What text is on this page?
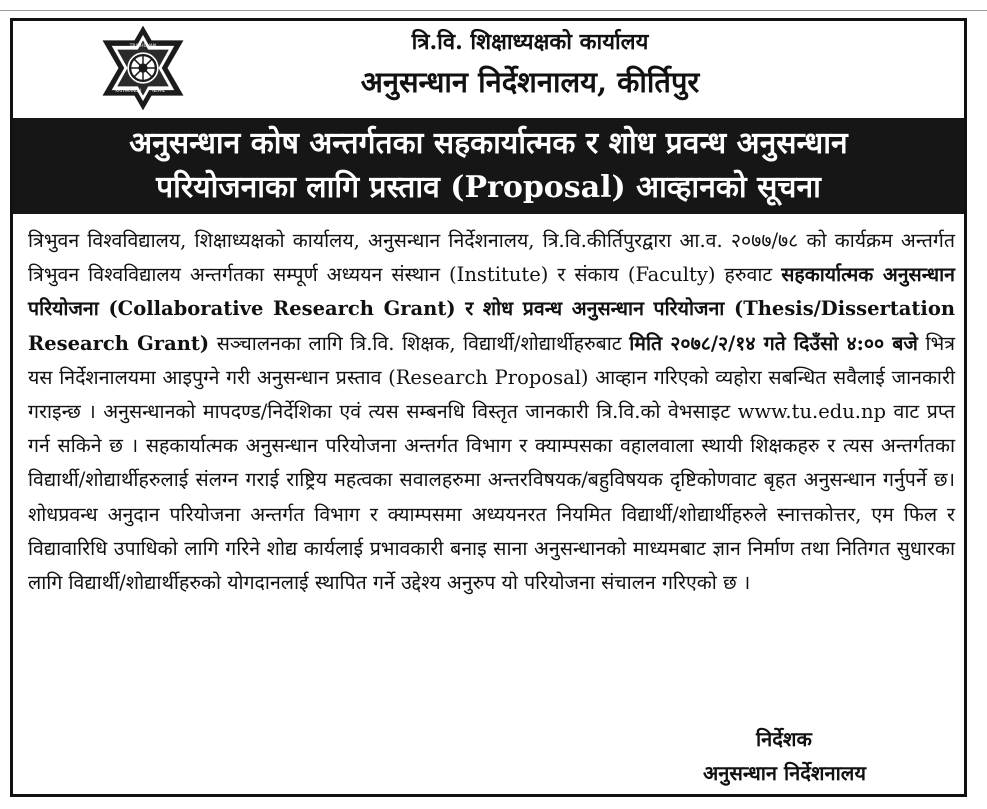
TRIBHUVAN
KATHMANDU	NEPAL
त्रि.वि. शिक्षाध्यक्षको कार्यालय
अनुसन्धान निर्देशनालय, कीर्तिपुर
अनुसन्धान कोष अन्तर्गतका सहकार्यात्मक र शोध प्रवन्ध अनुसन्धान
परियोजनाका लागि प्रस्ताव (Proposal) आव्हानको सूचना
त्रिभुवन विश्वविद्यालय, शिक्षाध्यक्षको कार्यालय, अनुसन्धान निर्देशनालय, त्रि.वि.कीर्तिपुरद्वारा आ.व. २०७७/७८ को कार्यक्रम अन्तर्गत त्रिभुवन विश्वविद्यालय अन्तर्गतका सम्पूर्ण अध्ययन संस्थान (Institute) र संकाय (Faculty) हरुवाट सहकार्यात्मक अनुसन्धान परियोजना (Collaborative Research Grant) र शोध प्रवन्ध अनुसन्धान परियोजना (Thesis/Dissertation Research Grant) सञ्चालनका लागि त्रि.वि. शिक्षक, विद्यार्थी/शोद्यार्थीहरुबाट मिति २०७८/२/१४ गते दिउँसो ४:०० बजे भित्र यस निर्देशनालयमा आइपुग्ने गरी अनुसन्धान प्रस्ताव (Research Proposal) आव्हान गरिएको व्यहोरा सबन्धित सवैलाई जानकारी गराइन्छ । अनुसन्धानको मापदण्ड/निर्देशिका एवं त्यस सम्बनधि विस्तृत जानकारी त्रि.वि.को वेभसाइट www.tu.edu.np वाट प्रप्त गर्न सकिने छ । सहकार्यात्मक अनुसन्धान परियोजना अन्तर्गत विभाग र क्याम्पसका वहालवाला स्थायी शिक्षकहरु र त्यस अन्तर्गतका विद्यार्थी/शोद्यार्थीहरुलाई संलग्न गराई राष्ट्रिय महत्वका सवालहरुमा अन्तरविषयक/बहुविषयक दृष्टिकोणवाट बृहत अनुसन्धान गर्नुपर्ने छ। शोधप्रवन्ध अनुदान परियोजना अन्तर्गत विभाग र क्याम्पसमा अध्ययनरत नियमित विद्यार्थी/शोद्यार्थीहरुले स्नात्तकोत्तर, एम फिल र विद्यावारिधि उपाधिको लागि गरिने शोद्य कार्यलाई प्रभावकारी बनाइ साना अनुसन्धानको माध्यमबाट ज्ञान निर्माण तथा नितिगत सुधारका लागि विद्यार्थी/शोद्यार्थीहरुको योगदानलाई स्थापित गर्ने उद्देश्य अनुरुप यो परियोजना संचालन गरिएको छ ।
निर्देशक
अनुसन्धान निर्देशनालय
